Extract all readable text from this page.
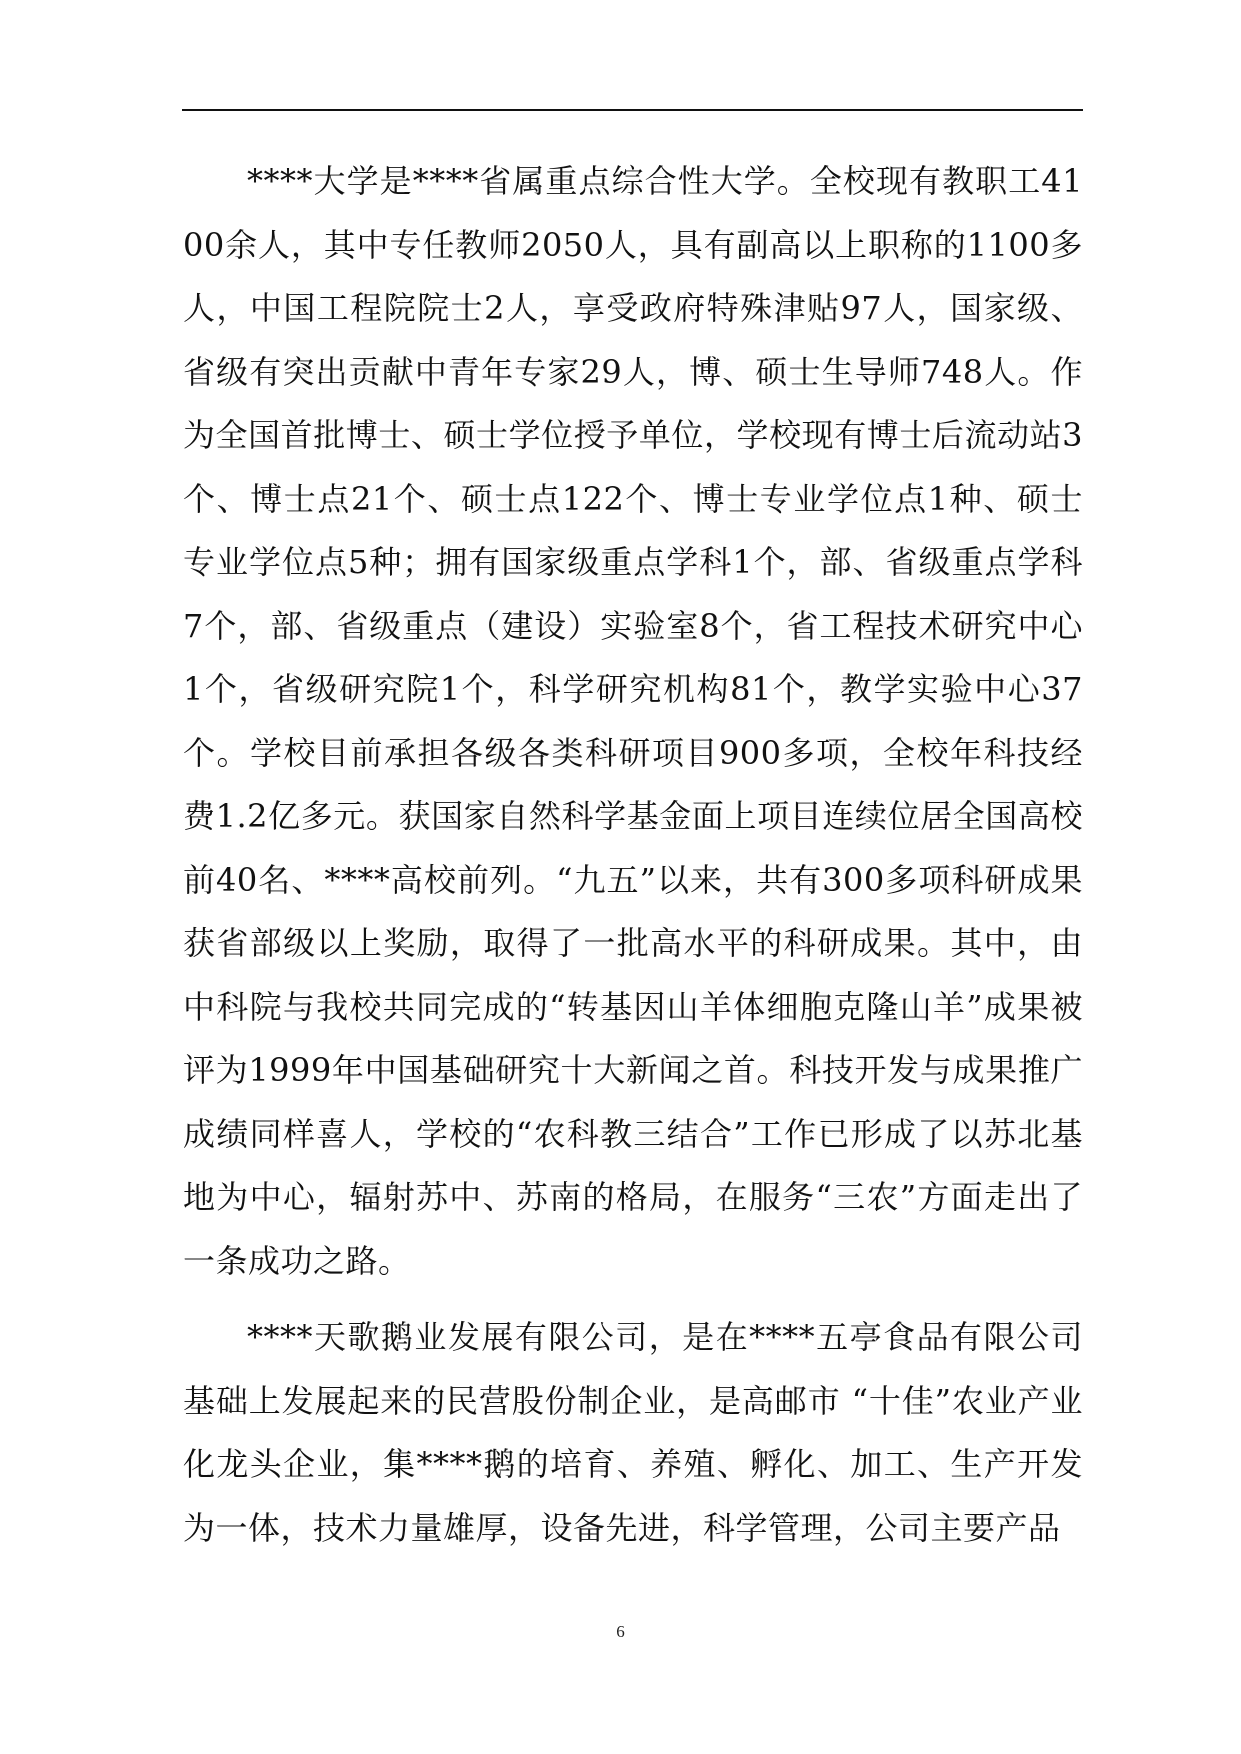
****大学是****省属重点综合性大学。全校现有教职工4100余人，其中专任教师2050人，具有副高以上职称的1100多人，中国工程院院士2人，享受政府特殊津贴97人，国家级、省级有突出贡献中青年专家29人，博、硕士生导师748人。作为全国首批博士、硕士学位授予单位，学校现有博士后流动站3个、博士点21个、硕士点122个、博士专业学位点1种、硕士专业学位点5种；拥有国家级重点学科1个，部、省级重点学科7个，部、省级重点（建设）实验室8个，省工程技术研究中心1个，省级研究院1个，科学研究机构81个，教学实验中心37个。学校目前承担各级各类科研项目900多项，全校年科技经费1.2亿多元。获国家自然科学基金面上项目连续位居全国高校前40名、****高校前列。“九五”以来，共有300多项科研成果获省部级以上奖励，取得了一批高水平的科研成果。其中，由中科院与我校共同完成的“转基因山羊体细胞克隆山羊”成果被评为1999年中国基础研究十大新闻之首。科技开发与成果推广成绩同样喜人，学校的“农科教三结合”工作已形成了以苏北基地为中心，辐射苏中、苏南的格局，在服务“三农”方面走出了一条成功之路。

****天歌鹅业发展有限公司，是在****五亭食品有限公司基础上发展起来的民营股份制企业，是高邮市 “十佳”农业产业化龙头企业，集****鹅的培育、养殖、孵化、加工、生产开发为一体，技术力量雄厚，设备先进，科学管理，公司主要产品

6
